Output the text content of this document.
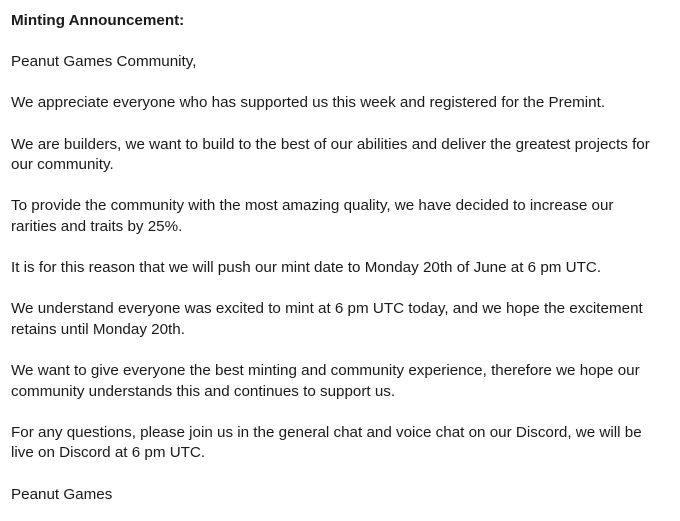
Minting Announcement:

Peanut Games Community,

We appreciate everyone who has supported us this week and registered for the Premint.

We are builders, we want to build to the best of our abilities and deliver the greatest projects for our community.

To provide the community with the most amazing quality, we have decided to increase our rarities and traits by 25%.

It is for this reason that we will push our mint date to Monday 20th of June at 6 pm UTC.

We understand everyone was excited to mint at 6 pm UTC today, and we hope the excitement retains until Monday 20th.

We want to give everyone the best minting and community experience, therefore we hope our community understands this and continues to support us.

For any questions, please join us in the general chat and voice chat on our Discord, we will be live on Discord at 6 pm UTC.

Peanut Games
